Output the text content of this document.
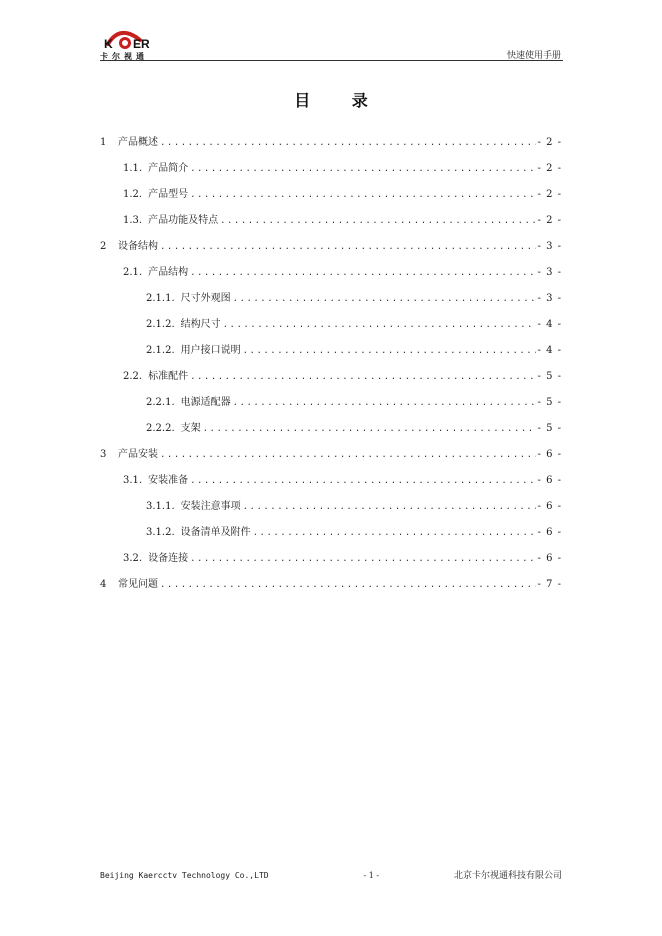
K ER
卡尔视通	快速使用手册
目 录
1	产品概述 .....	- 2 -
1.1. 产品简介 .....	- 2 -
1.2. 产品型号 .....	- 2 -
1.3. 产品功能及特点 .....	- 2 -
2	设备结构 .....	- 3 -
2.1. 产品结构 .....	- 3 -
2.1.1. 尺寸外观图 .....	- 3 -
2.1.2. 结构尺寸 .....	- 4 -
2.1.2. 用户接口说明 .....	- 4 -
2.2. 标准配件 .....	- 5 -
2.2.1. 电源适配器 .....	- 5 -
2.2.2. 支架 .....	- 5 -
3	产品安装 .....	- 6 -
3.1. 安装准备 .....	- 6 -
3.1.1. 安装注意事项 .....	- 6 -
3.1.2. 设备清单及附件 .....	- 6 -
3.2. 设备连接 .....	- 6 -
4	常见问题 .....	- 7 -
Beijing Kaercctv Technology Co.,LTD	- 1 -	北京卡尔视通科技有限公司
